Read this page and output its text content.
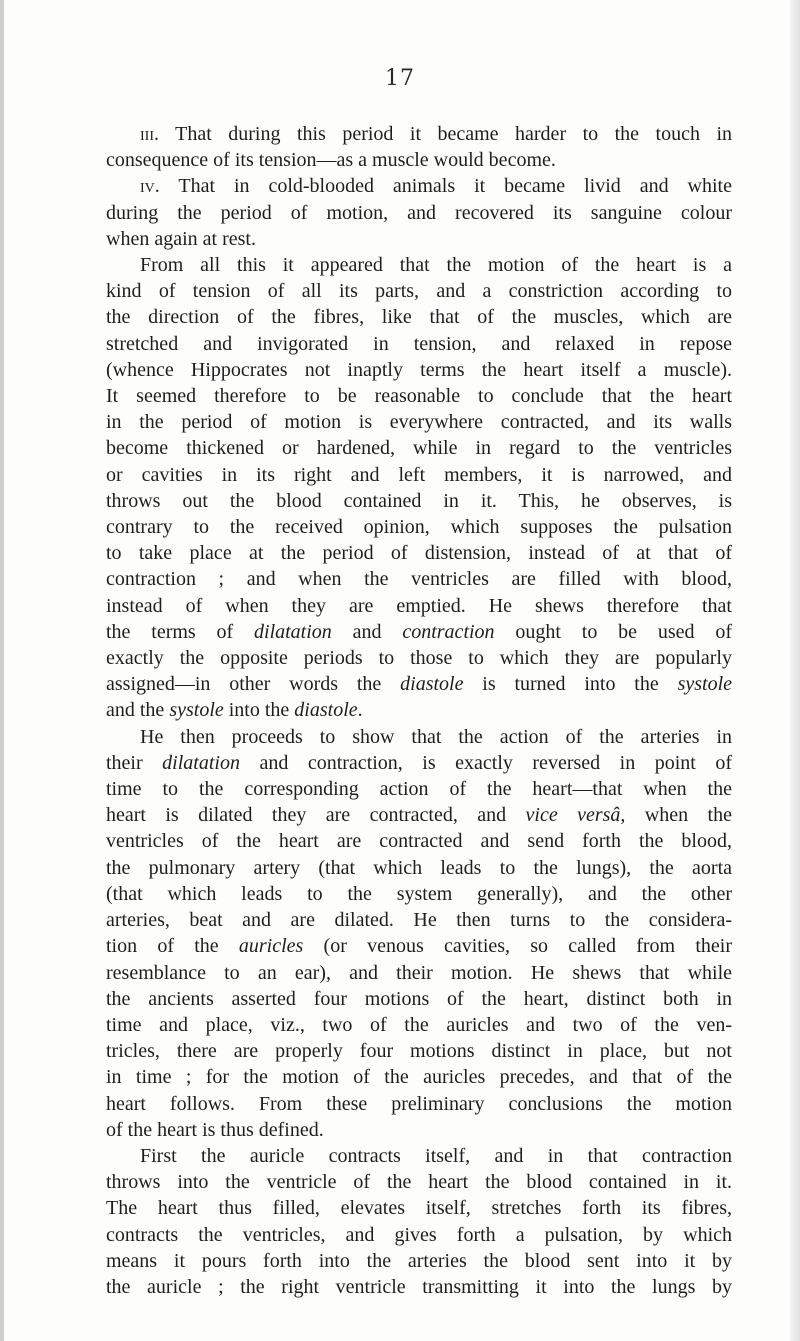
17
iii. That during this period it became harder to the touch in
consequence of its tension—as a muscle would become.
iv. That in cold-blooded animals it became livid and white
during the period of motion, and recovered its sanguine colour
when again at rest.
From all this it appeared that the motion of the heart is a
kind of tension of all its parts, and a constriction according to
the direction of the fibres, like that of the muscles, which are
stretched and invigorated in tension, and relaxed in repose
(whence Hippocrates not inaptly terms the heart itself a muscle).
It seemed therefore to be reasonable to conclude that the heart
in the period of motion is everywhere contracted, and its walls
become thickened or hardened, while in regard to the ventricles
or cavities in its right and left members, it is narrowed, and
throws out the blood contained in it. This, he observes, is
contrary to the received opinion, which supposes the pulsation
to take place at the period of distension, instead of at that of
contraction ; and when the ventricles are filled with blood,
instead of when they are emptied. He shews therefore that
the terms of dilatation and contraction ought to be used of
exactly the opposite periods to those to which they are popularly
assigned—in other words the diastole is turned into the systole
and the systole into the diastole.
He then proceeds to show that the action of the arteries in
their dilatation and contraction, is exactly reversed in point of
time to the corresponding action of the heart—that when the
heart is dilated they are contracted, and vice versâ, when the
ventricles of the heart are contracted and send forth the blood,
the pulmonary artery (that which leads to the lungs), the aorta
(that which leads to the system generally), and the other
arteries, beat and are dilated. He then turns to the considera-
tion of the auricles (or venous cavities, so called from their
resemblance to an ear), and their motion. He shews that while
the ancients asserted four motions of the heart, distinct both in
time and place, viz., two of the auricles and two of the ven-
tricles, there are properly four motions distinct in place, but not
in time ; for the motion of the auricles precedes, and that of the
heart follows. From these preliminary conclusions the motion
of the heart is thus defined.
First the auricle contracts itself, and in that contraction
throws into the ventricle of the heart the blood contained in it.
The heart thus filled, elevates itself, stretches forth its fibres,
contracts the ventricles, and gives forth a pulsation, by which
means it pours forth into the arteries the blood sent into it by
the auricle ; the right ventricle transmitting it into the lungs by
